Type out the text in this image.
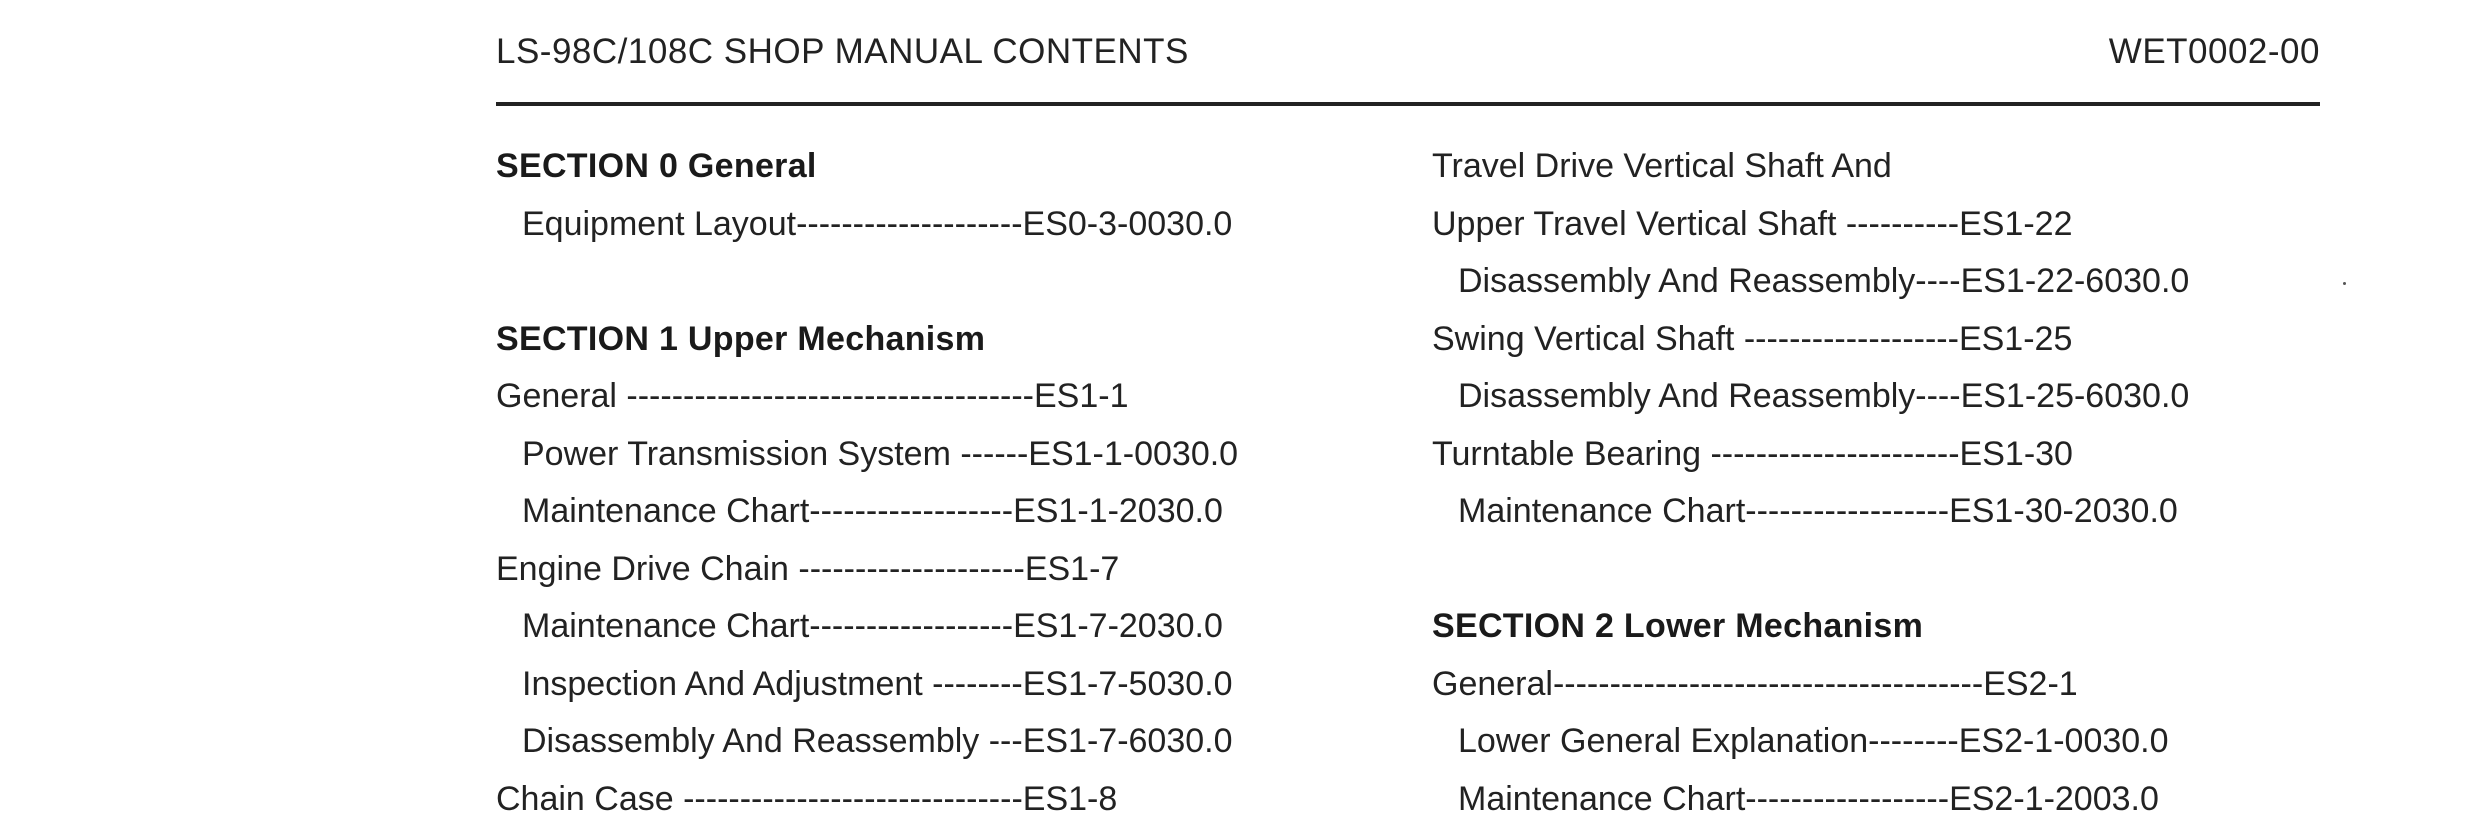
LS-98C/108C SHOP MANUAL CONTENTS	WET0002-00
SECTION 0 General
Equipment Layout--------------------ES0-3-0030.0
SECTION 1 Upper Mechanism
General ------------------------------------ES1-1
Power Transmission System ------ES1-1-0030.0
Maintenance Chart------------------ES1-1-2030.0
Engine Drive Chain --------------------ES1-7
Maintenance Chart------------------ES1-7-2030.0
Inspection And Adjustment --------ES1-7-5030.0
Disassembly And Reassembly ---ES1-7-6030.0
Chain Case ------------------------------ES1-8
Travel Drive Vertical Shaft And
Upper Travel Vertical Shaft ----------ES1-22
Disassembly And Reassembly----ES1-22-6030.0
Swing Vertical Shaft -------------------ES1-25
Disassembly And Reassembly----ES1-25-6030.0
Turntable Bearing ----------------------ES1-30
Maintenance Chart------------------ES1-30-2030.0
SECTION 2 Lower Mechanism
General--------------------------------------ES2-1
Lower General Explanation--------ES2-1-0030.0
Maintenance Chart------------------ES2-1-2003.0
